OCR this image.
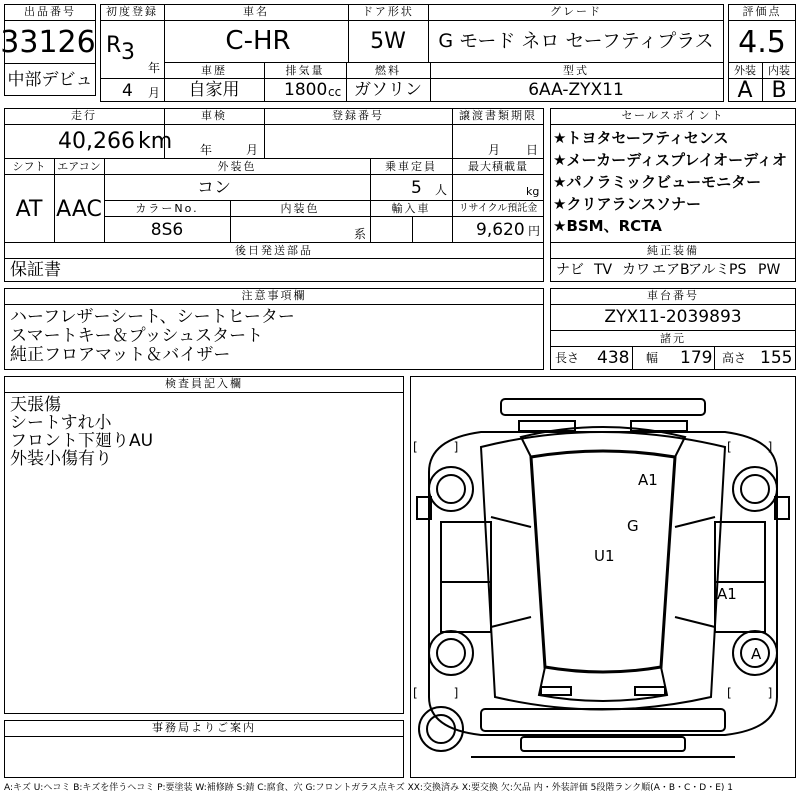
出品番号
33126
中部デビュ
初度登録
R 3
年
4 月
車名
C-HR
ドア形状
5W
グレード
G モード ネロ セーフティプラス
車歴
自家用
排気量
1800 cc
燃料
ガソリン
型式
6AA-ZYX11
評価点
4.5
外装 内装
A B
走行
40,266 km
車検
年	月
登録番号	譲渡書類期限
月 日
シフト
AT
エアコン
AAC
外装色
コン
乗車定員
5 人
最大積載量
kg
カラーNo.
8S6
内装色
系
輸入車	リサイクル預託金
9,620 円
後日発送部品
保証書
セールスポイント
★トヨタセーフティセンス
★メーカーディスプレイオーディオ
★パノラミックビューモニター
★クリアランスソナー
★BSM、RCTA
純正装備
ナビ TV カワ エアB
アルミ PS PW
注意事項欄
ハーフレザーシート、シートヒーター
スマートキー＆プッシュスタート
純正フロアマット＆バイザー
車台番号
ZYX11-2039893
諸元
長さ 438 幅 179 高さ 155
検査員記入欄
天張傷
シートすれ小
フロント下廻りAU
外装小傷有り
事務局よりご案内
A1
G
U1
A1
A
[　　　]	[　　　]
[　　　]	[　　　]
A:キズ U:ヘコミ B:キズを伴うヘコミ P:要塗装 W:補修跡 S:錆 C:腐食、穴 G:フロントガラス点キズ XX:交換済み X:要交換 欠:欠品 内・外装評価 5段階ランク順(A・B・C・D・E) 1
